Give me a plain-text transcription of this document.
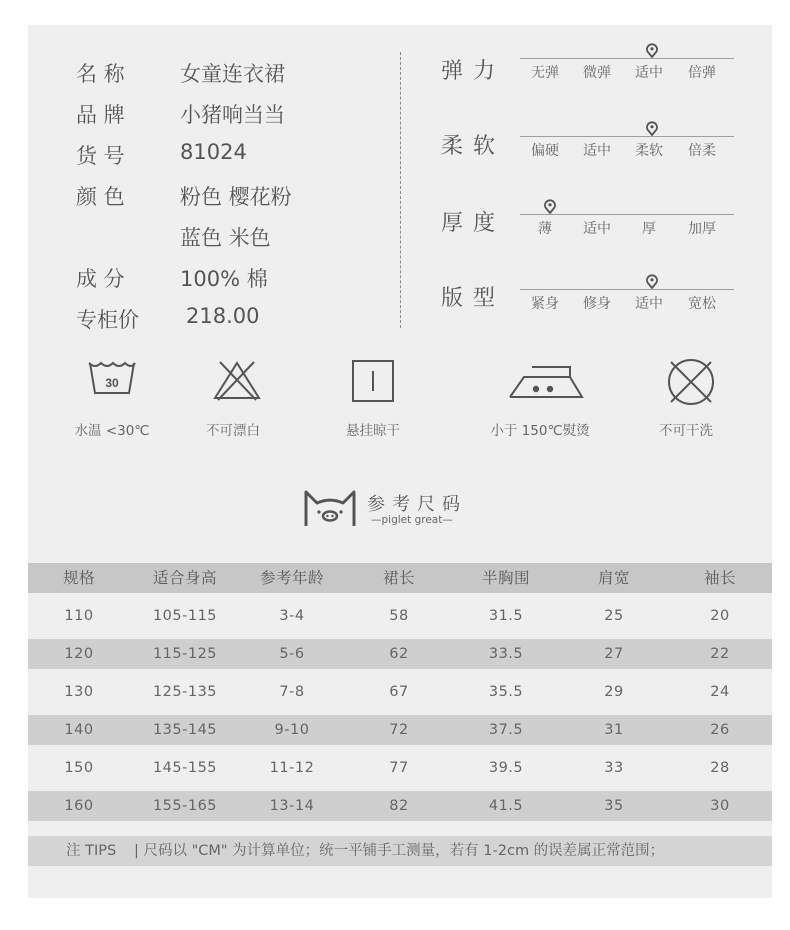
名 称	女童连衣裙
品 牌	小猪响当当
货 号	81024
颜 色	粉色 樱花粉
蓝色 米色
成 分	100% 棉
专柜价	218.00
弹力	无弹	微弹	适中	倍弹
柔软	偏硬	适中	柔软	倍柔
厚度	薄	适中	厚	加厚
版型	紧身	修身	适中	宽松
30
水温 <30℃	不可漂白	悬挂晾干	小于 150℃熨烫	不可干洗
参考尺码
—piglet great—
规格	适合身高	参考年龄	裙长	半胸围	肩宽	袖长
110	105-115	3-4	58	31.5	25	20
120	115-125	5-6	62	33.5	27	22
130	125-135	7-8	67	35.5	29	24
140	135-145	9-10	72	37.5	31	26
150	145-155	11-12	77	39.5	33	28
160	155-165	13-14	82	41.5	35	30
注 TIPS | 尺码以 "CM" 为计算单位；统一平铺手工测量，若有 1-2cm 的误差属正常范围；
